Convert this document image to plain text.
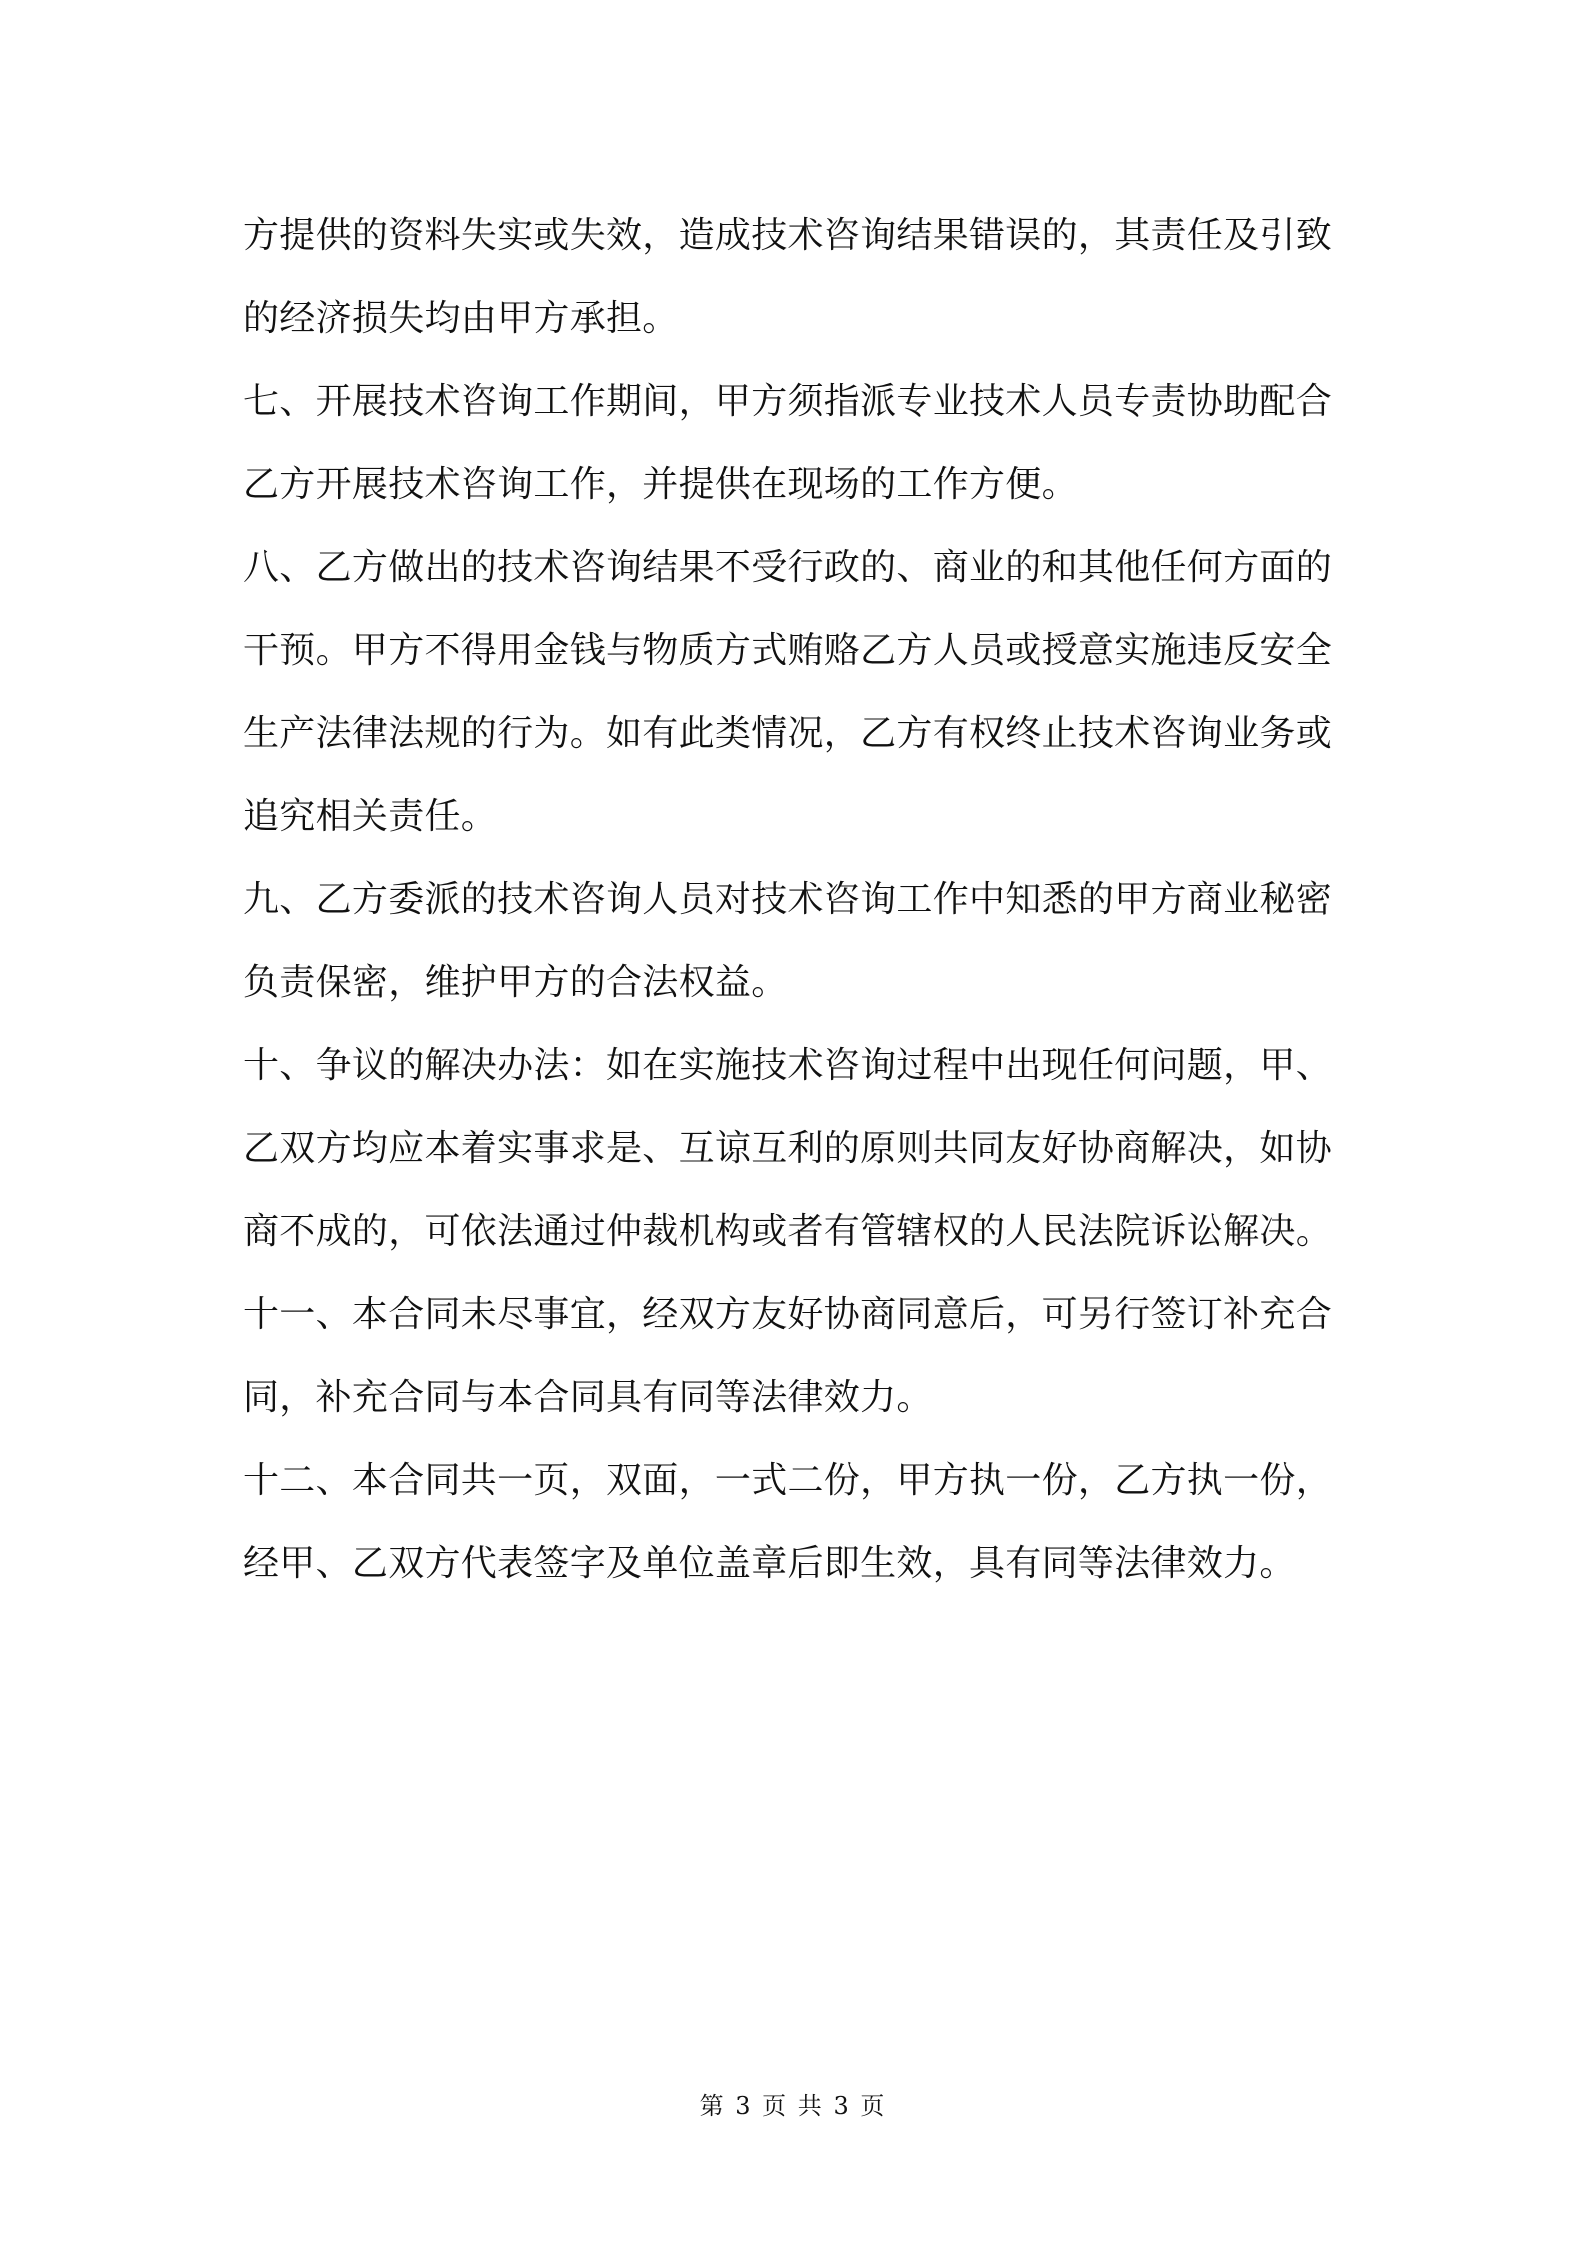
方提供的资料失实或失效，造成技术咨询结果错误的，其责任及引致
的经济损失均由甲方承担。
七、开展技术咨询工作期间，甲方须指派专业技术人员专责协助配合
乙方开展技术咨询工作，并提供在现场的工作方便。
八、乙方做出的技术咨询结果不受行政的、商业的和其他任何方面的
干预。甲方不得用金钱与物质方式贿赂乙方人员或授意实施违反安全
生产法律法规的行为。如有此类情况，乙方有权终止技术咨询业务或
追究相关责任。
九、乙方委派的技术咨询人员对技术咨询工作中知悉的甲方商业秘密
负责保密，维护甲方的合法权益。
十、争议的解决办法：如在实施技术咨询过程中出现任何问题，甲、
乙双方均应本着实事求是、互谅互利的原则共同友好协商解决，如协
商不成的，可依法通过仲裁机构或者有管辖权的人民法院诉讼解决。
十一、本合同未尽事宜，经双方友好协商同意后，可另行签订补充合
同，补充合同与本合同具有同等法律效力。
十二、本合同共一页，双面，一式二份，甲方执一份，乙方执一份，
经甲、乙双方代表签字及单位盖章后即生效，具有同等法律效力。
第 3 页 共 3 页
